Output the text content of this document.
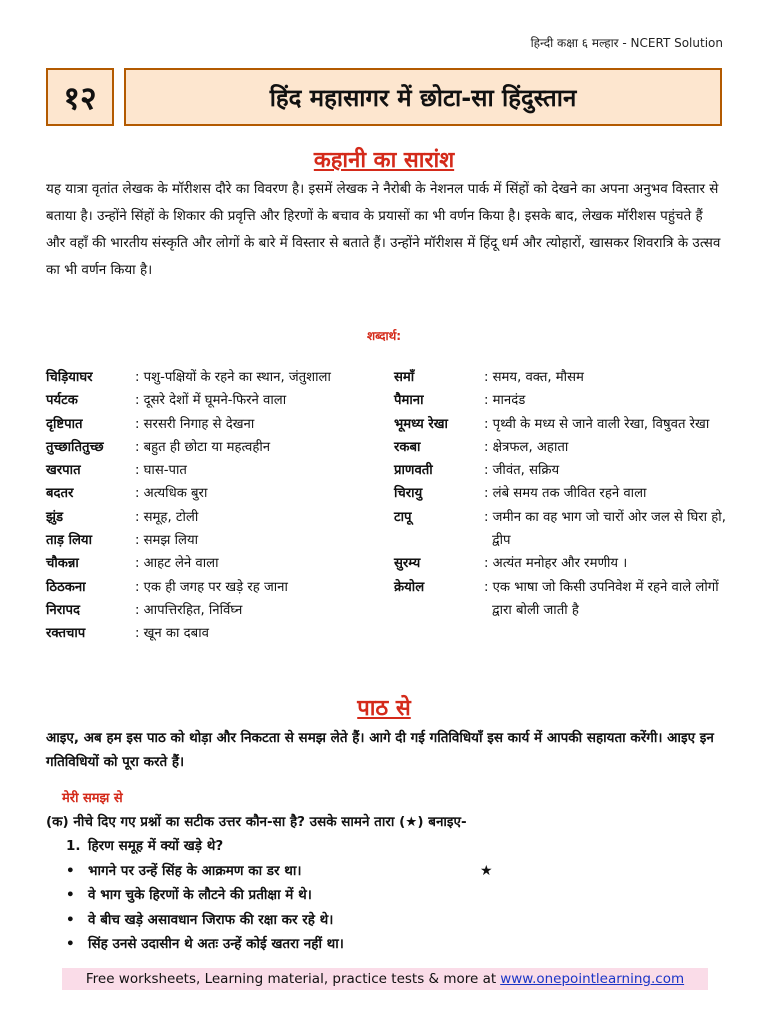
हिन्दी कक्षा ६ मल्हार - NCERT Solution
१२	हिंद महासागर में छोटा-सा हिंदुस्तान
कहानी का सारांश

यह यात्रा वृतांत लेखक के मॉरीशस दौरे का विवरण है। इसमें लेखक ने नैरोबी के नेशनल पार्क में सिंहों को देखने का अपना अनुभव विस्तार से बताया है। उन्होंने सिंहों के शिकार की प्रवृत्ति और हिरणों के बचाव के प्रयासों का भी वर्णन किया है। इसके बाद, लेखक मॉरीशस पहुंचते हैं और वहाँ की भारतीय संस्कृति और लोगों के बारे में विस्तार से बताते हैं। उन्होंने मॉरीशस में हिंदू धर्म और त्योहारों, खासकर शिवरात्रि के उत्सव का भी वर्णन किया है।

शब्दार्थ:
चिड़ियाघर	: पशु-पक्षियों के रहने का स्थान, जंतुशाला
पर्यटक	: दूसरे देशों में घूमने-फिरने वाला
दृष्टिपात	: सरसरी निगाह से देखना
तुच्छातितुच्छ	: बहुत ही छोटा या महत्वहीन
खरपात	: घास-पात
बदतर	: अत्यधिक बुरा
झुंड	: समूह, टोली
ताड़ लिया	: समझ लिया
चौकन्ना	: आहट लेने वाला
ठिठकना	: एक ही जगह पर खड़े रह जाना
निरापद	: आपत्तिरहित, निर्विघ्न
रक्तचाप	: खून का दबाव
समाँ	: समय, वक्त, मौसम
पैमाना	: मानदंड
भूमध्य रेखा	: पृथ्वी के मध्य से जाने वाली रेखा, विषुवत रेखा
रकबा	: क्षेत्रफल, अहाता
प्राणवती	: जीवंत, सक्रिय
चिरायु	: लंबे समय तक जीवित रहने वाला
टापू	: जमीन का वह भाग जो चारों ओर जल से घिरा हो, द्वीप
सुरम्य	: अत्यंत मनोहर और रमणीय ।
क्रेयोल	: एक भाषा जो किसी उपनिवेश में रहने वाले लोगों द्वारा बोली जाती है
पाठ से

आइए, अब हम इस पाठ को थोड़ा और निकटता से समझ लेते हैं। आगे दी गई गतिविधियाँ इस कार्य में आपकी सहायता करेंगी। आइए इन गतिविधियों को पूरा करते हैं।

मेरी समझ से
(क) नीचे दिए गए प्रश्नों का सटीक उत्तर कौन-सा है? उसके सामने तारा (★) बनाइए-
1. हिरण समूह में क्यों खड़े थे?
• भागने पर उन्हें सिंह के आक्रमण का डर था।	★
• वे भाग चुके हिरणों के लौटने की प्रतीक्षा में थे।
• वे बीच खड़े असावधान जिराफ की रक्षा कर रहे थे।
• सिंह उनसे उदासीन थे अतः उन्हें कोई खतरा नहीं था।
Free worksheets, Learning material, practice tests & more at www.onepointlearning.com
